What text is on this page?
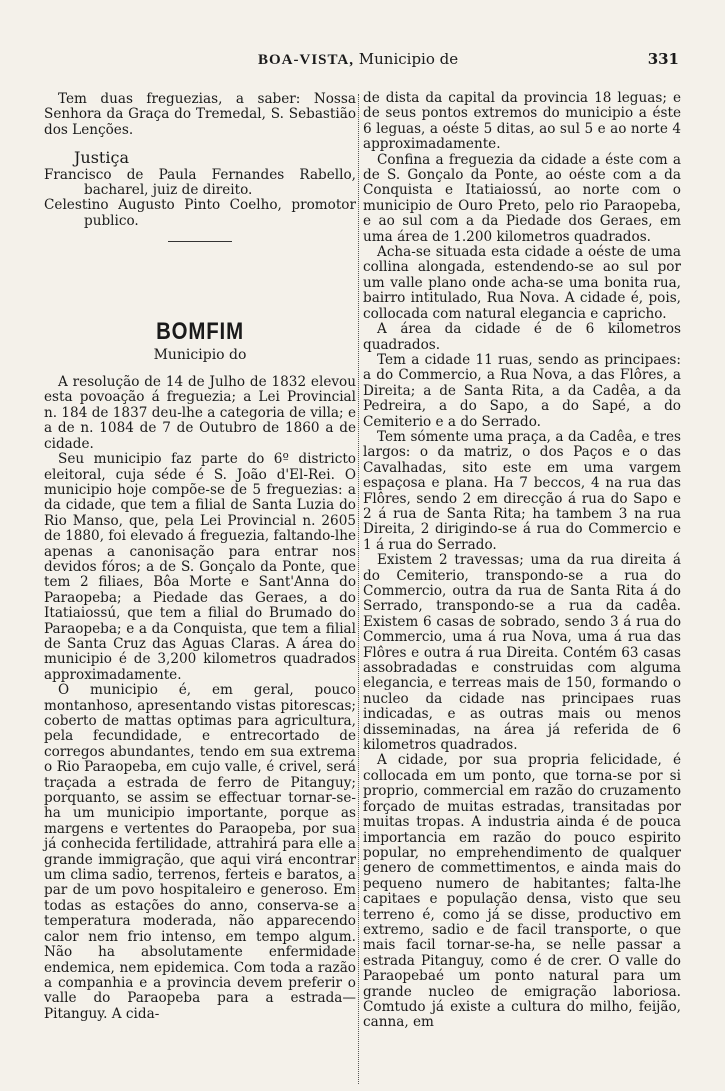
BOA-VISTA, Municipio de	331

Tem duas freguezias, a saber: Nossa Senhora da Graça do Tremedal, S. Sebastião dos Lenções.

Justiça

Francisco de Paula Fernandes Rabello, bacharel, juiz de direito.

Celestino Augusto Pinto Coelho, promotor publico.

BOMFIM
Municipio do

A resolução de 14 de Julho de 1832 elevou esta povoação á freguezia; a Lei Provincial n. 184 de 1837 deu-lhe a categoria de villa; e a de n. 1084 de 7 de Outubro de 1860 a de cidade.

Seu municipio faz parte do 6º districto eleitoral, cuja séde é S. João d'El-Rei. O municipio hoje compõe-se de 5 freguezias: a da cidade, que tem a filial de Santa Luzia do Rio Manso, que, pela Lei Provincial n. 2605 de 1880, foi elevado á freguezia, faltando-lhe apenas a canonisação para entrar nos devidos fóros; a de S. Gonçalo da Ponte, que tem 2 filiaes, Bôa Morte e Sant'Anna do Paraopeba; a Piedade das Geraes, a do Itatiaiossú, que tem a filial do Brumado do Paraopeba; e a da Conquista, que tem a filial de Santa Cruz das Aguas Claras. A área do municipio é de 3,200 kilometros quadrados approximadamente.

O municipio é, em geral, pouco montanhoso, apresentando vistas pitorescas; coberto de mattas optimas para agricultura, pela fecundidade, e entrecortado de corregos abundantes, tendo em sua extrema o Rio Paraopeba, em cujo valle, é crivel, será traçada a estrada de ferro de Pitanguy; porquanto, se assim se effectuar tornar-se-ha um municipio importante, porque as margens e vertentes do Paraopeba, por sua já conhecida fertilidade, attrahirá para elle a grande immigração, que aqui virá encontrar um clima sadio, terrenos, ferteis e baratos, a par de um povo hospitaleiro e generoso. Em todas as estações do anno, conserva-se a temperatura moderada, não apparecendo calor nem frio intenso, em tempo algum. Não ha absolutamente enfermidade endemica, nem epidemica. Com toda a razão a companhia e a provincia devem preferir o valle do Paraopeba para a estrada—Pitanguy. A cida-

de dista da capital da provincia 18 leguas; e de seus pontos extremos do municipio a éste 6 leguas, a oéste 5 ditas, ao sul 5 e ao norte 4 approximadamente.

Confina a freguezia da cidade a éste com a de S. Gonçalo da Ponte, ao oéste com a da Conquista e Itatiaiossú, ao norte com o municipio de Ouro Preto, pelo rio Paraopeba, e ao sul com a da Piedade dos Geraes, em uma área de 1.200 kilometros quadrados.

Acha-se situada esta cidade a oéste de uma collina alongada, estendendo-se ao sul por um valle plano onde acha-se uma bonita rua, bairro intitulado, Rua Nova. A cidade é, pois, collocada com natural elegancia e capricho.

A área da cidade é de 6 kilometros quadrados.

Tem a cidade 11 ruas, sendo as principaes: a do Commercio, a Rua Nova, a das Flôres, a Direita; a de Santa Rita, a da Cadêa, a da Pedreira, a do Sapo, a do Sapé, a do Cemiterio e a do Serrado.

Tem sómente uma praça, a da Cadêa, e tres largos: o da matriz, o dos Paços e o das Cavalhadas, sito este em uma vargem espaçosa e plana. Ha 7 beccos, 4 na rua das Flôres, sendo 2 em direcção á rua do Sapo e 2 á rua de Santa Rita; ha tambem 3 na rua Direita, 2 dirigindo-se á rua do Commercio e 1 á rua do Serrado.

Existem 2 travessas; uma da rua direita á do Cemiterio, transpondo-se a rua do Commercio, outra da rua de Santa Rita á do Serrado, transpondo-se a rua da cadêa. Existem 6 casas de sobrado, sendo 3 á rua do Commercio, uma á rua Nova, uma á rua das Flôres e outra á rua Direita. Contém 63 casas assobradadas e construidas com alguma elegancia, e terreas mais de 150, formando o nucleo da cidade nas principaes ruas indicadas, e as outras mais ou menos disseminadas, na área já referida de 6 kilometros quadrados.

A cidade, por sua propria felicidade, é collocada em um ponto, que torna-se por si proprio, commercial em razão do cruzamento forçado de muitas estradas, transitadas por muitas tropas. A industria ainda é de pouca importancia em razão do pouco espirito popular, no emprehendimento de qualquer genero de commettimentos, e ainda mais do pequeno numero de habitantes; falta-lhe capitaes e população densa, visto que seu terreno é, como já se disse, productivo em extremo, sadio e de facil transporte, o que mais facil tornar-se-ha, se nelle passar a estrada Pitanguy, como é de crer. O valle do Paraopebaé um ponto natural para um grande nucleo de emigração laboriosa. Comtudo já existe a cultura do milho, feijão, canna, em
